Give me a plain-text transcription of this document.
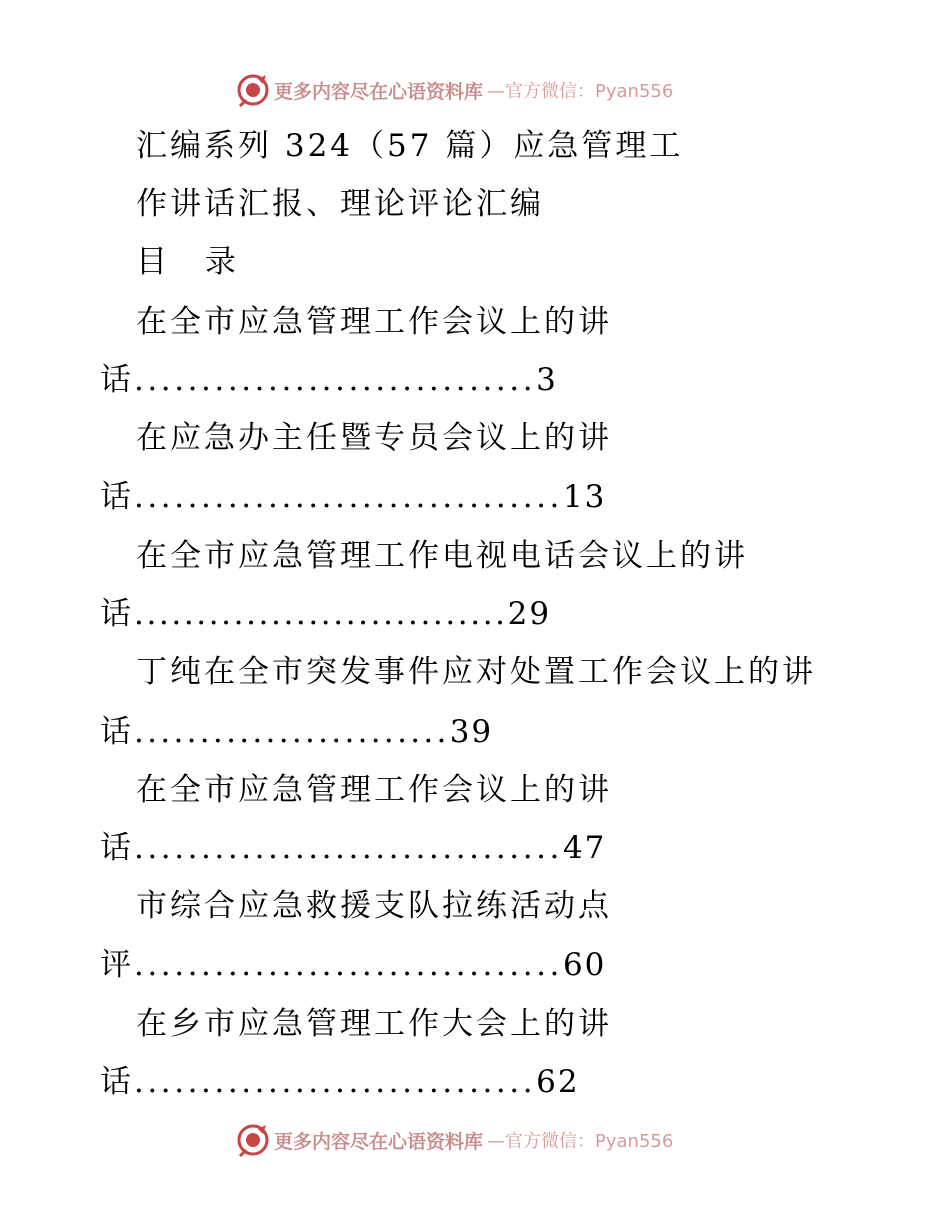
更多内容尽在心语资料库 —官方微信：Pyan556
汇编系列 324（57 篇）应急管理工
作讲话汇报、理论评论汇编
目 录
在全市应急管理工作会议上的讲
话..............................3
在应急办主任暨专员会议上的讲
话................................13
在全市应急管理工作电视电话会议上的讲
话..............................29
丁纯在全市突发事件应对处置工作会议上的讲
话........................39
在全市应急管理工作会议上的讲
话................................47
市综合应急救援支队拉练活动点
评................................60
在乡市应急管理工作大会上的讲
话..............................62
更多内容尽在心语资料库 —官方微信：Pyan556
